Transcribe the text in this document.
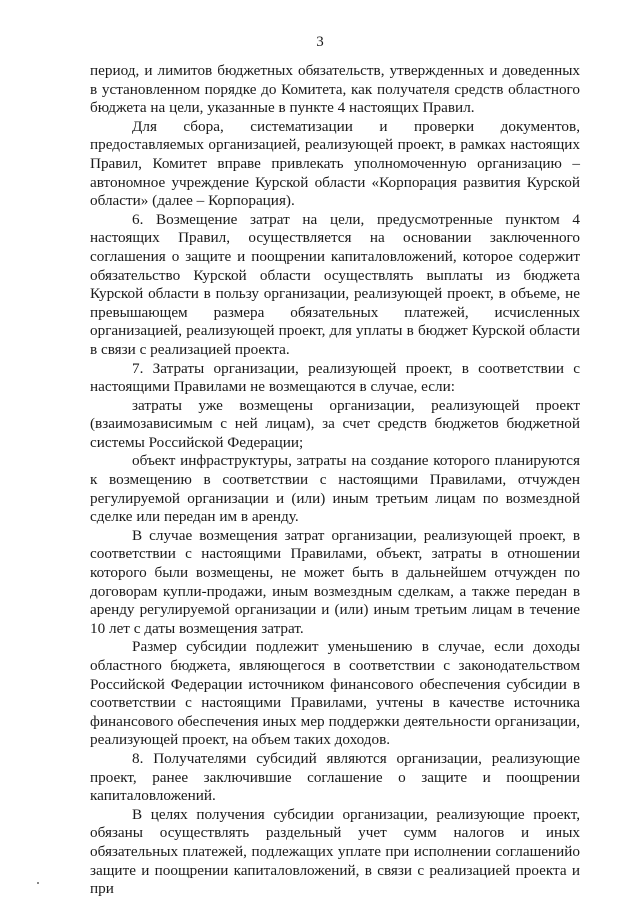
3

период, и лимитов бюджетных обязательств, утвержденных и доведенных в установленном порядке до Комитета, как получателя средств областного бюджета на цели, указанные в пункте 4 настоящих Правил.

Для сбора, систематизации и проверки документов, предоставляемых организацией, реализующей проект, в рамках настоящих Правил, Комитет вправе привлекать уполномоченную организацию – автономное учреждение Курской области «Корпорация развития Курской области» (далее – Корпорация).

6. Возмещение затрат на цели, предусмотренные пунктом 4 настоящих Правил, осуществляется на основании заключенного соглашения о защите и поощрении капиталовложений, которое содержит обязательство Курской области осуществлять выплаты из бюджета Курской области в пользу организации, реализующей проект, в объеме, не превышающем размера обязательных платежей, исчисленных организацией, реализующей проект, для уплаты в бюджет Курской области в связи с реализацией проекта.

7. Затраты организации, реализующей проект, в соответствии с настоящими Правилами не возмещаются в случае, если:

затраты уже возмещены организации, реализующей проект (взаимозависимым с ней лицам), за счет средств бюджетов бюджетной системы Российской Федерации;

объект инфраструктуры, затраты на создание которого планируются к возмещению в соответствии с настоящими Правилами, отчужден регулируемой организации и (или) иным третьим лицам по возмездной сделке или передан им в аренду.

В случае возмещения затрат организации, реализующей проект, в соответствии с настоящими Правилами, объект, затраты в отношении которого были возмещены, не может быть в дальнейшем отчужден по договорам купли-продажи, иным возмездным сделкам, а также передан в аренду регулируемой организации и (или) иным третьим лицам в течение 10 лет с даты возмещения затрат.

Размер субсидии подлежит уменьшению в случае, если доходы областного бюджета, являющегося в соответствии с законодательством Российской Федерации источником финансового обеспечения субсидии в соответствии с настоящими Правилами, учтены в качестве источника финансового обеспечения иных мер поддержки деятельности организации, реализующей проект, на объем таких доходов.

8. Получателями субсидий являются организации, реализующие проект, ранее заключившие соглашение о защите и поощрении капиталовложений.

В целях получения субсидии организации, реализующие проект, обязаны осуществлять раздельный учет сумм налогов и иных обязательных платежей, подлежащих уплате при исполнении соглашенийо защите и поощрении капиталовложений, в связи с реализацией проекта и при
